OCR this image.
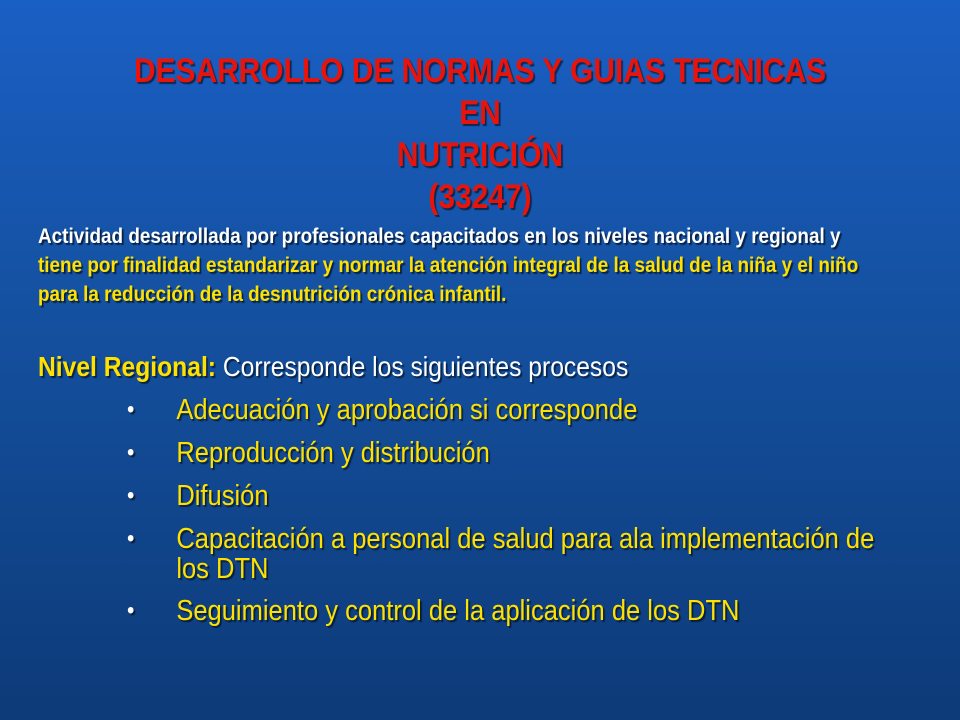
DESARROLLO DE NORMAS Y GUIAS TECNICAS EN
NUTRICIÓN
(33247)
Actividad desarrollada por profesionales capacitados en los niveles nacional y regional y tiene por finalidad estandarizar y normar la atención integral de la salud de la niña y el niño para la reducción de la desnutrición crónica infantil.
Nivel Regional: Corresponde los siguientes procesos
• Adecuación y aprobación si corresponde
• Reproducción y distribución
• Difusión
• Capacitación a personal de salud para ala implementación de los DTN
• Seguimiento y control de la aplicación de los DTN
